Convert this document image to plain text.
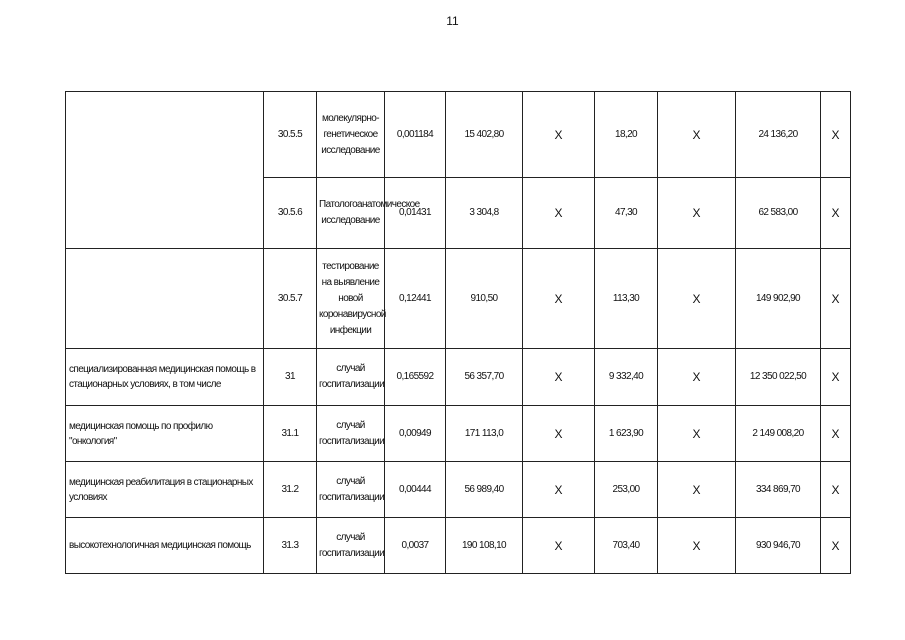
11
	30.5.5	молекулярно-генетическое исследование	0,001184	15 402,80	Х	18,20	Х	24 136,20	Х
	30.5.6	Патологоанатомическое исследование	0,01431	3 304,8	Х	47,30	Х	62 583,00	Х
	30.5.7	тестирование на выявление новой коронавирусной инфекции	0,12441	910,50	Х	113,30	Х	149 902,90	Х
специализированная медицинская помощь в стационарных условиях, в том числе	31	случай госпитализации	0,165592	56 357,70	Х	9 332,40	Х	12 350 022,50	Х
медицинская помощь по профилю "онкология"	31.1	случай госпитализации	0,00949	171 113,0	Х	1 623,90	Х	2 149 008,20	Х
медицинская реабилитация в стационарных условиях	31.2	случай госпитализации	0,00444	56 989,40	Х	253,00	Х	334 869,70	Х
высокотехнологичная медицинская помощь	31.3	случай госпитализации	0,0037	190 108,10	Х	703,40	Х	930 946,70	Х
